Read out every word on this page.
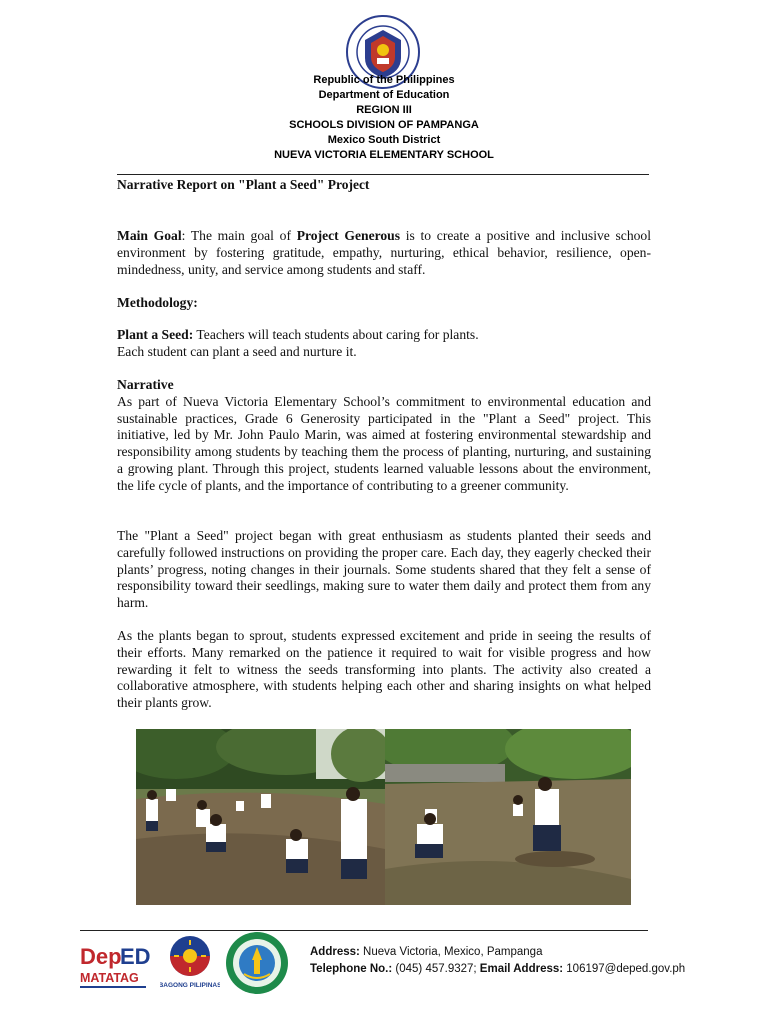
Republic of the Philippines
Department of Education
REGION III
SCHOOLS DIVISION OF PAMPANGA
Mexico South District
NUEVA VICTORIA ELEMENTARY SCHOOL
Narrative Report on "Plant a Seed" Project
Main Goal: The main goal of Project Generous is to create a positive and inclusive school environment by fostering gratitude, empathy, nurturing, ethical behavior, resilience, open-mindedness, unity, and service among students and staff.
Methodology:
Plant a Seed: Teachers will teach students about caring for plants.
Each student can plant a seed and nurture it.
Narrative
As part of Nueva Victoria Elementary School’s commitment to environmental education and sustainable practices, Grade 6 Generosity participated in the "Plant a Seed" project. This initiative, led by Mr. John Paulo Marin, was aimed at fostering environmental stewardship and responsibility among students by teaching them the process of planting, nurturing, and sustaining a growing plant. Through this project, students learned valuable lessons about the environment, the life cycle of plants, and the importance of contributing to a greener community.
The "Plant a Seed" project began with great enthusiasm as students planted their seeds and carefully followed instructions on providing the proper care. Each day, they eagerly checked their plants’ progress, noting changes in their journals. Some students shared that they felt a sense of responsibility toward their seedlings, making sure to water them daily and protect them from any harm.
As the plants began to sprout, students expressed excitement and pride in seeing the results of their efforts. Many remarked on the patience it required to wait for visible progress and how rewarding it felt to witness the seeds transforming into plants. The activity also created a collaborative atmosphere, with students helping each other and sharing insights on what helped their plants grow.
Dep
ED
MATATAG
BAGONG PILIPINAS
Address: Nueva Victoria, Mexico, Pampanga
Telephone No.: (045) 457.9327; Email Address: 106197@deped.gov.ph
